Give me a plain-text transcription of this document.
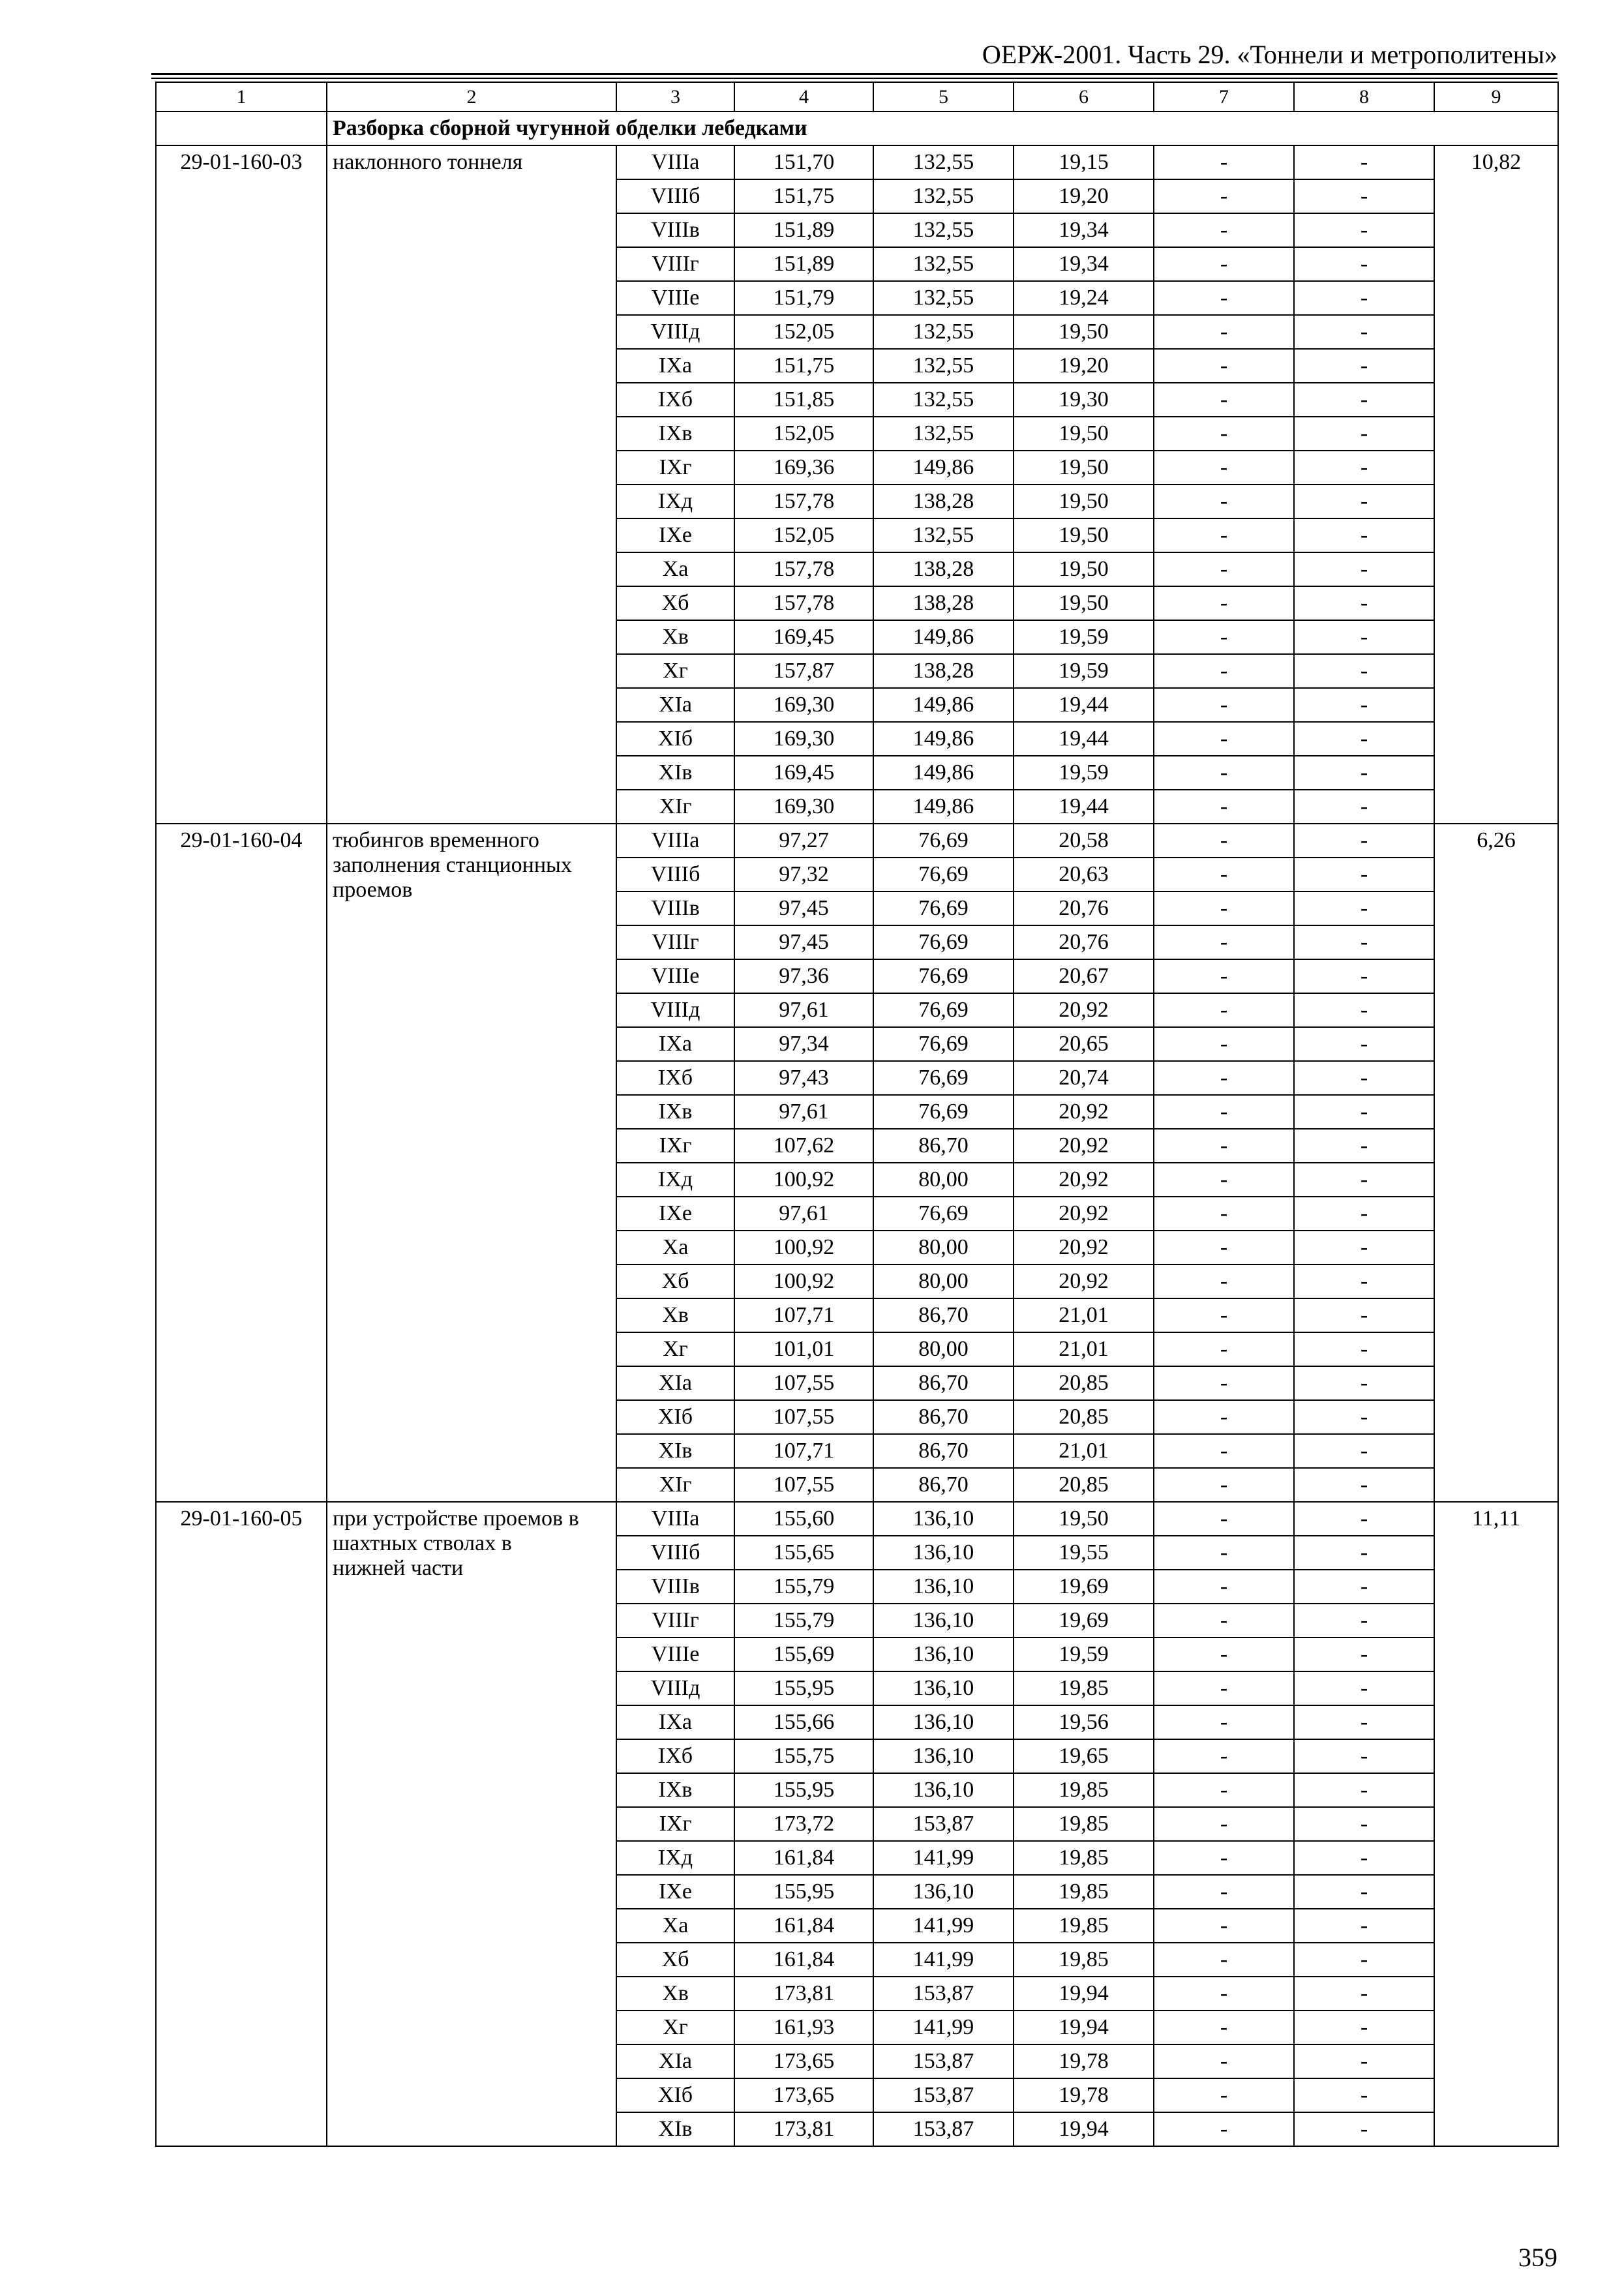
ОЕРЖ-2001. Часть 29. «Тоннели и метрополитены»
1	2	3	4	5	6	7	8	9
	Разборка сборной чугунной обделки лебедками							
29-01-160-03	наклонного тоннеля	VIIIа	151,70	132,55	19,15	-	-	10,82
		VIIIб	151,75	132,55	19,20	-	-	
		VIIIв	151,89	132,55	19,34	-	-	
		VIIIг	151,89	132,55	19,34	-	-	
		VIIIе	151,79	132,55	19,24	-	-	
		VIIIд	152,05	132,55	19,50	-	-	
		IXа	151,75	132,55	19,20	-	-	
		IXб	151,85	132,55	19,30	-	-	
		IXв	152,05	132,55	19,50	-	-	
		IXг	169,36	149,86	19,50	-	-	
		IXд	157,78	138,28	19,50	-	-	
		IXе	152,05	132,55	19,50	-	-	
		Xа	157,78	138,28	19,50	-	-	
		Xб	157,78	138,28	19,50	-	-	
		Xв	169,45	149,86	19,59	-	-	
		Xг	157,87	138,28	19,59	-	-	
		XIа	169,30	149,86	19,44	-	-	
		XIб	169,30	149,86	19,44	-	-	
		XIв	169,45	149,86	19,59	-	-	
		XIг	169,30	149,86	19,44	-	-	
29-01-160-04	тюбингов временного
заполнения станционных
проемов	VIIIа	97,27	76,69	20,58	-	-	6,26
		VIIIб	97,32	76,69	20,63	-	-	
		VIIIв	97,45	76,69	20,76	-	-	
		VIIIг	97,45	76,69	20,76	-	-	
		VIIIе	97,36	76,69	20,67	-	-	
		VIIIд	97,61	76,69	20,92	-	-	
		IXа	97,34	76,69	20,65	-	-	
		IXб	97,43	76,69	20,74	-	-	
		IXв	97,61	76,69	20,92	-	-	
		IXг	107,62	86,70	20,92	-	-	
		IXд	100,92	80,00	20,92	-	-	
		IXе	97,61	76,69	20,92	-	-	
		Xа	100,92	80,00	20,92	-	-	
		Xб	100,92	80,00	20,92	-	-	
		Xв	107,71	86,70	21,01	-	-	
		Xг	101,01	80,00	21,01	-	-	
		XIа	107,55	86,70	20,85	-	-	
		XIб	107,55	86,70	20,85	-	-	
		XIв	107,71	86,70	21,01	-	-	
		XIг	107,55	86,70	20,85	-	-	
29-01-160-05	при устройстве проемов в
шахтных стволах в
нижней части	VIIIа	155,60	136,10	19,50	-	-	11,11
		VIIIб	155,65	136,10	19,55	-	-	
		VIIIв	155,79	136,10	19,69	-	-	
		VIIIг	155,79	136,10	19,69	-	-	
		VIIIе	155,69	136,10	19,59	-	-	
		VIIIд	155,95	136,10	19,85	-	-	
		IXа	155,66	136,10	19,56	-	-	
		IXб	155,75	136,10	19,65	-	-	
		IXв	155,95	136,10	19,85	-	-	
		IXг	173,72	153,87	19,85	-	-	
		IXд	161,84	141,99	19,85	-	-	
		IXе	155,95	136,10	19,85	-	-	
		Xа	161,84	141,99	19,85	-	-	
		Xб	161,84	141,99	19,85	-	-	
		Xв	173,81	153,87	19,94	-	-	
		Xг	161,93	141,99	19,94	-	-	
		XIа	173,65	153,87	19,78	-	-	
		XIб	173,65	153,87	19,78	-	-	
		XIв	173,81	153,87	19,94	-	-	
359
